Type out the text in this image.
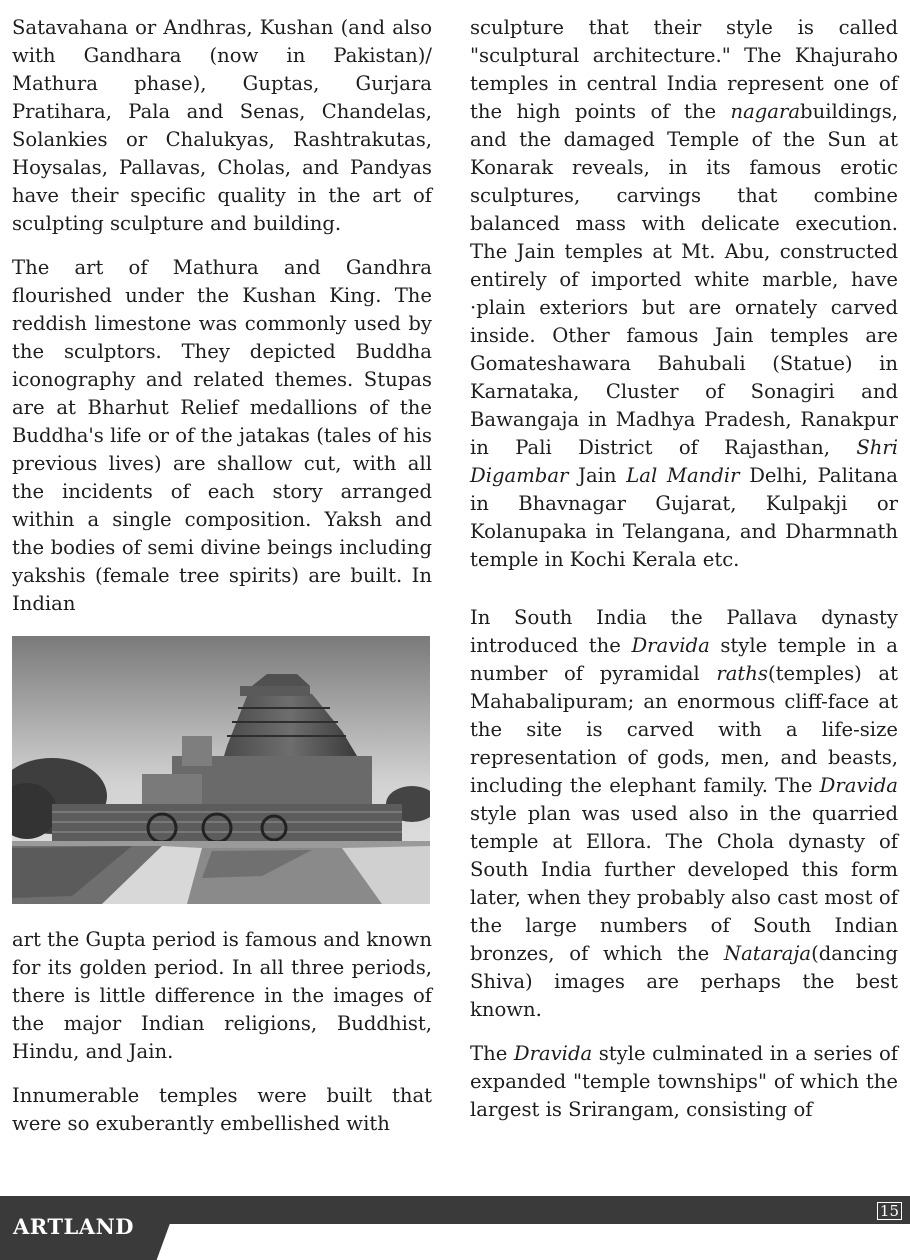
Satavahana or Andhras, Kushan (and also with Gandhara (now in Pakistan)/ Mathura phase), Guptas, Gurjara Pratihara, Pala and Senas, Chandelas, Solankies or Chalukyas, Rashtrakutas, Hoysalas, Pallavas, Cholas, and Pandyas have their specific quality in the art of sculpting sculpture and building.

The art of Mathura and Gandhra flourished under the Kushan King. The reddish limestone was commonly used by the sculptors. They depicted Buddha iconography and related themes. Stupas are at Bharhut Relief medallions of the Buddha's life or of the jatakas (tales of his previous lives) are shallow cut, with all the incidents of each story arranged within a single composition. Yaksh and the bodies of semi divine beings including yakshis (female tree spirits) are built. In Indian

art the Gupta period is famous and known for its golden period. In all three periods, there is little difference in the images of the major Indian religions, Buddhist, Hindu, and Jain.

Innumerable temples were built that were so exuberantly embellished with

sculpture that their style is called "sculptural architecture." The Khajuraho temples in central India represent one of the high points of the nagarabuildings, and the damaged Temple of the Sun at Konarak reveals, in its famous erotic sculptures, carvings that combine balanced mass with delicate execution. The Jain temples at Mt. Abu, constructed entirely of imported white marble, have ·plain exteriors but are ornately carved inside. Other famous Jain temples are Gomateshawara Bahubali (Statue) in Karnataka, Cluster of Sonagiri and Bawangaja in Madhya Pradesh, Ranakpur in Pali District of Rajasthan, Shri Digambar Jain Lal Mandir Delhi, Palitana in Bhavnagar Gujarat, Kulpakji or Kolanupaka in Telangana, and Dharmnath temple in Kochi Kerala etc.

In South India the Pallava dynasty introduced the Dravida style temple in a number of pyramidal raths(temples) at Mahabalipuram; an enormous cliff-face at the site is carved with a life-size representation of gods, men, and beasts, including the elephant family. The Dravida style plan was used also in the quarried temple at Ellora. The Chola dynasty of South India further developed this form later, when they probably also cast most of the large numbers of South Indian bronzes, of which the Nataraja(dancing Shiva) images are perhaps the best known.

The Dravida style culminated in a series of expanded "temple townships" of which the largest is Srirangam, consisting of

ARTLAND
15
